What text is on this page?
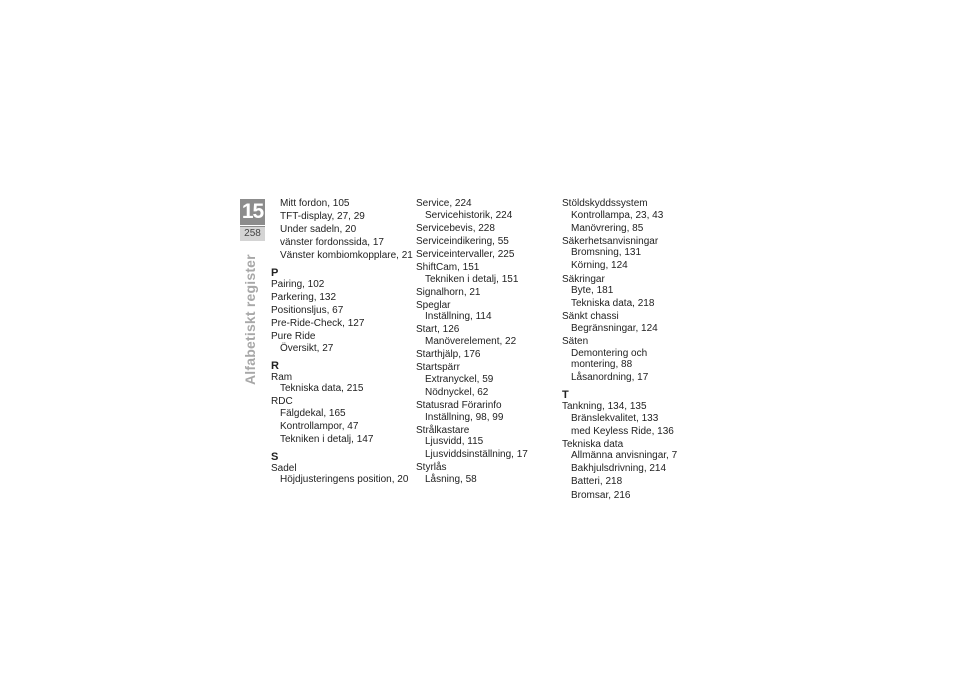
15
258
Alfabetiskt register

Mitt fordon, 105

TFT-display, 27, 29

Under sadeln, 20

vänster fordonssida, 17

Vänster kombiomkopplare, 21

P

Pairing, 102

Parkering, 132

Positionsljus, 67

Pre-Ride-Check, 127

Pure Ride

Översikt, 27

R

Ram

Tekniska data, 215

RDC

Fälgdekal, 165

Kontrollampor, 47

Tekniken i detalj, 147

S

Sadel

Höjdjusteringens position, 20

Service, 224

Servicehistorik, 224

Servicebevis, 228

Serviceindikering, 55

Serviceintervaller, 225

ShiftCam, 151

Tekniken i detalj, 151

Signalhorn, 21

Speglar

Inställning, 114

Start, 126

Manöverelement, 22

Starthjälp, 176

Startspärr

Extranyckel, 59

Nödnyckel, 62

Statusrad Förarinfo

Inställning, 98, 99

Strålkastare

Ljusvidd, 115

Ljusviddsinställning, 17

Styrlås

Låsning, 58

Stöldskyddssystem

Kontrollampa, 23, 43

Manövrering, 85

Säkerhetsanvisningar

Bromsning, 131

Körning, 124

Säkringar

Byte, 181

Tekniska data, 218

Sänkt chassi

Begränsningar, 124

Säten

Demontering och

montering, 88

Låsanordning, 17

T

Tankning, 134, 135

Bränslekvalitet, 133

med Keyless Ride, 136

Tekniska data

Allmänna anvisningar, 7

Bakhjulsdrivning, 214

Batteri, 218

Bromsar, 216
